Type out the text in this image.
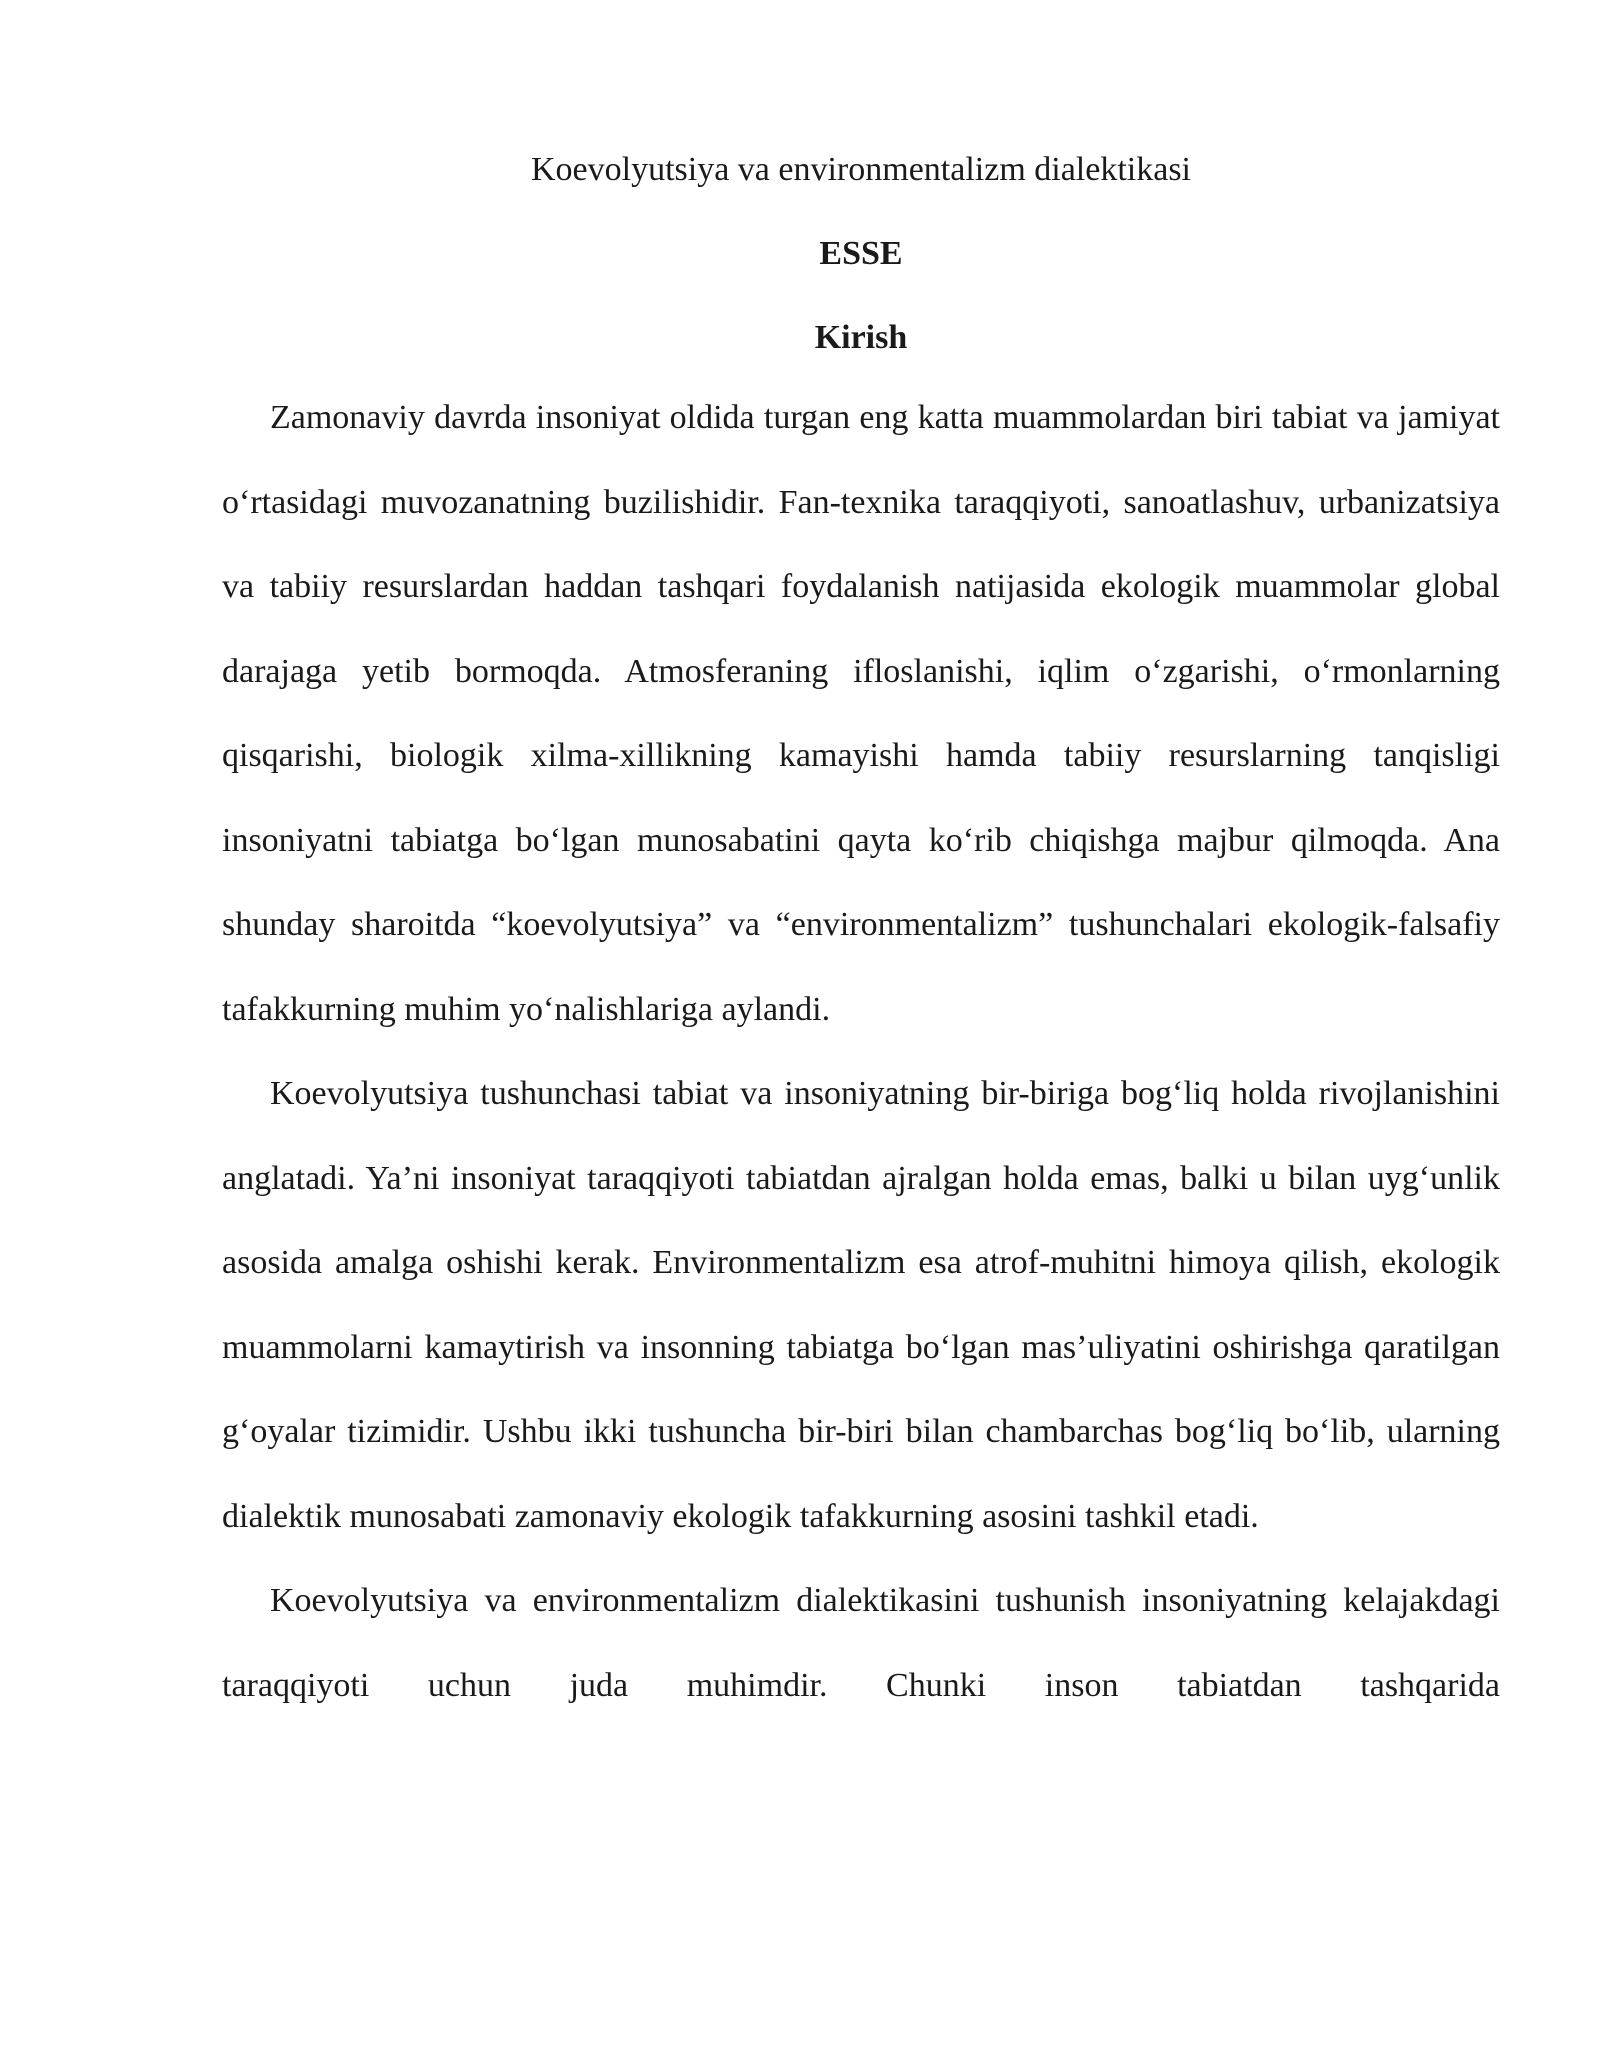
Koevolyutsiya va environmentalizm dialektikasi
ESSE
Kirish

Zamonaviy davrda insoniyat oldida turgan eng katta muammolardan biri tabiat va jamiyat o‘rtasidagi muvozanatning buzilishidir. Fan-texnika taraqqiyoti, sanoatlashuv, urbanizatsiya va tabiiy resurslardan haddan tashqari foydalanish natijasida ekologik muammolar global darajaga yetib bormoqda. Atmosferaning ifloslanishi, iqlim o‘zgarishi, o‘rmonlarning qisqarishi, biologik xilma-xillikning kamayishi hamda tabiiy resurslarning tanqisligi insoniyatni tabiatga bo‘lgan munosabatini qayta ko‘rib chiqishga majbur qilmoqda. Ana shunday sharoitda “koevolyutsiya” va “environmentalizm” tushunchalari ekologik-falsafiy tafakkurning muhim yo‘nalishlariga aylandi.

Koevolyutsiya tushunchasi tabiat va insoniyatning bir-biriga bog‘liq holda rivojlanishini anglatadi. Ya’ni insoniyat taraqqiyoti tabiatdan ajralgan holda emas, balki u bilan uyg‘unlik asosida amalga oshishi kerak. Environmentalizm esa atrof-muhitni himoya qilish, ekologik muammolarni kamaytirish va insonning tabiatga bo‘lgan mas’uliyatini oshirishga qaratilgan g‘oyalar tizimidir. Ushbu ikki tushuncha bir-biri bilan chambarchas bog‘liq bo‘lib, ularning dialektik munosabati zamonaviy ekologik tafakkurning asosini tashkil etadi.

Koevolyutsiya va environmentalizm dialektikasini tushunish insoniyatning kelajakdagi taraqqiyoti uchun juda muhimdir. Chunki inson tabiatdan tashqarida
